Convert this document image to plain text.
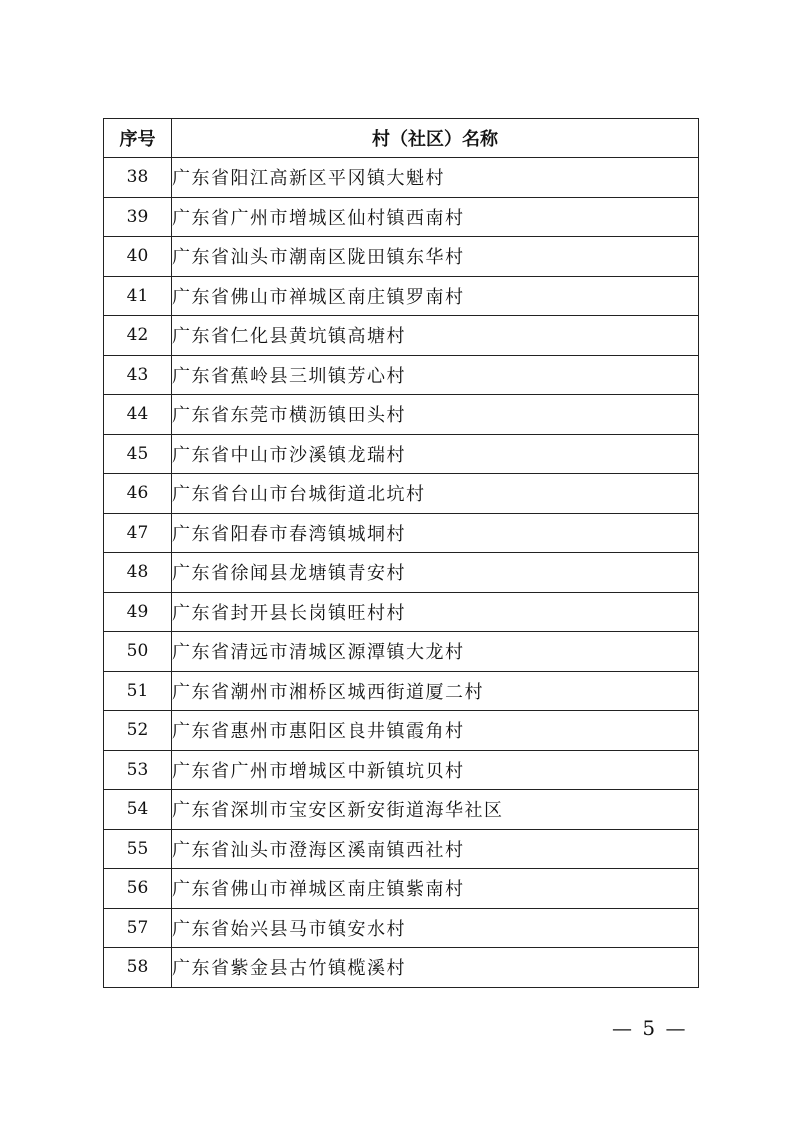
序号	村（社区）名称
38	广东省阳江高新区平冈镇大魁村
39	广东省广州市增城区仙村镇西南村
40	广东省汕头市潮南区陇田镇东华村
41	广东省佛山市禅城区南庄镇罗南村
42	广东省仁化县黄坑镇高塘村
43	广东省蕉岭县三圳镇芳心村
44	广东省东莞市横沥镇田头村
45	广东省中山市沙溪镇龙瑞村
46	广东省台山市台城街道北坑村
47	广东省阳春市春湾镇城垌村
48	广东省徐闻县龙塘镇青安村
49	广东省封开县长岗镇旺村村
50	广东省清远市清城区源潭镇大龙村
51	广东省潮州市湘桥区城西街道厦二村
52	广东省惠州市惠阳区良井镇霞角村
53	广东省广州市增城区中新镇坑贝村
54	广东省深圳市宝安区新安街道海华社区
55	广东省汕头市澄海区溪南镇西社村
56	广东省佛山市禅城区南庄镇紫南村
57	广东省始兴县马市镇安水村
58	广东省紫金县古竹镇榄溪村
— 5 —
